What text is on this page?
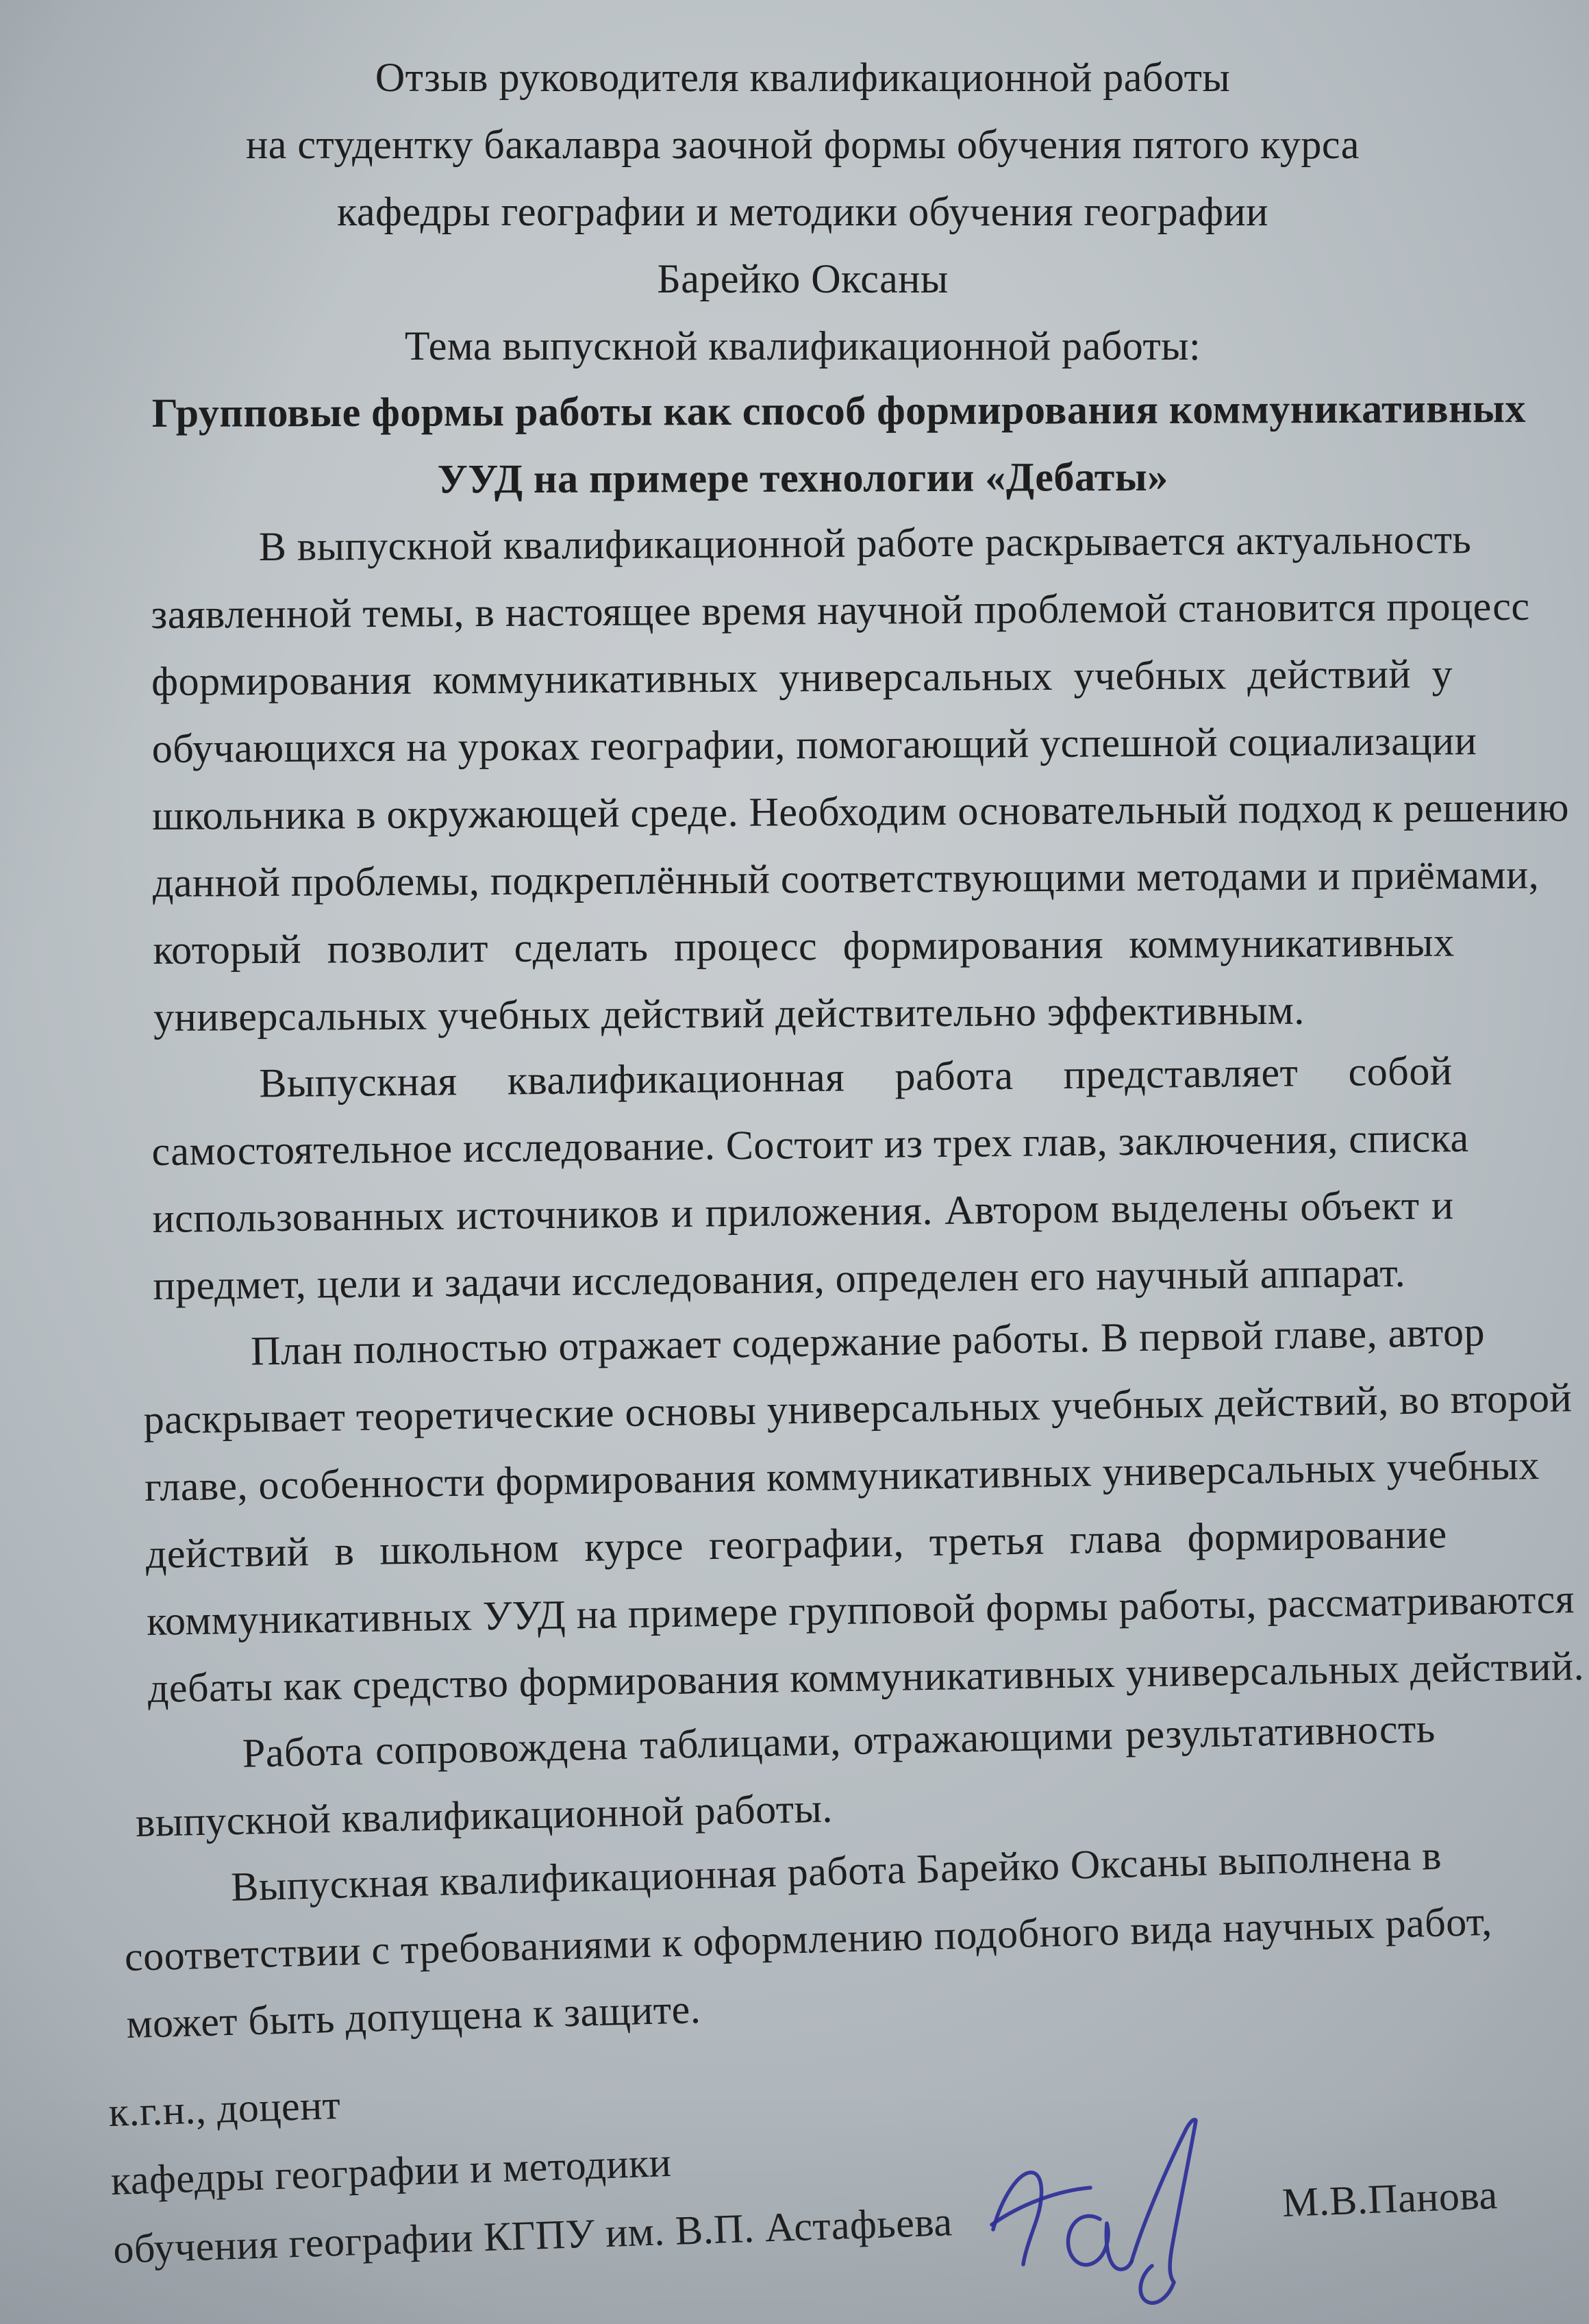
Отзыв руководителя квалификационной работы
на студентку бакалавра заочной формы обучения пятого курса
кафедры географии и методики обучения географии
Барейко Оксаны
Тема выпускной квалификационной работы:
Групповые формы работы как способ формирования коммуникативных
УУД на примере технологии «Дебаты»
В выпускной квалификационной работе раскрывается актуальность
заявленной темы, в настоящее время научной проблемой становится процесс
формирования коммуникативных универсальных учебных действий у
обучающихся на уроках географии, помогающий успешной социализации
школьника в окружающей среде. Необходим основательный подход к решению
данной проблемы, подкреплённый соответствующими методами и приёмами,
который позволит сделать процесс формирования коммуникативных
универсальных учебных действий действительно эффективным.
Выпускная квалификационная работа представляет собой
самостоятельное исследование. Состоит из трех глав, заключения, списка
использованных источников и приложения. Автором выделены объект и
предмет, цели и задачи исследования, определен его научный аппарат.
План полностью отражает содержание работы. В первой главе, автор
раскрывает теоретические основы универсальных учебных действий, во второй
главе, особенности формирования коммуникативных универсальных учебных
действий в школьном курсе географии, третья глава формирование
коммуникативных УУД на примере групповой формы работы, рассматриваются
дебаты как средство формирования коммуникативных универсальных действий.
Работа сопровождена таблицами, отражающими результативность
выпускной квалификационной работы.
Выпускная квалификационная работа Барейко Оксаны выполнена в
соответствии с требованиями к оформлению подобного вида научных работ,
может быть допущена к защите.
к.г.н., доцент
кафедры географии и методики
обучения географии КГПУ им. В.П. Астафьева
М.В.Панова
